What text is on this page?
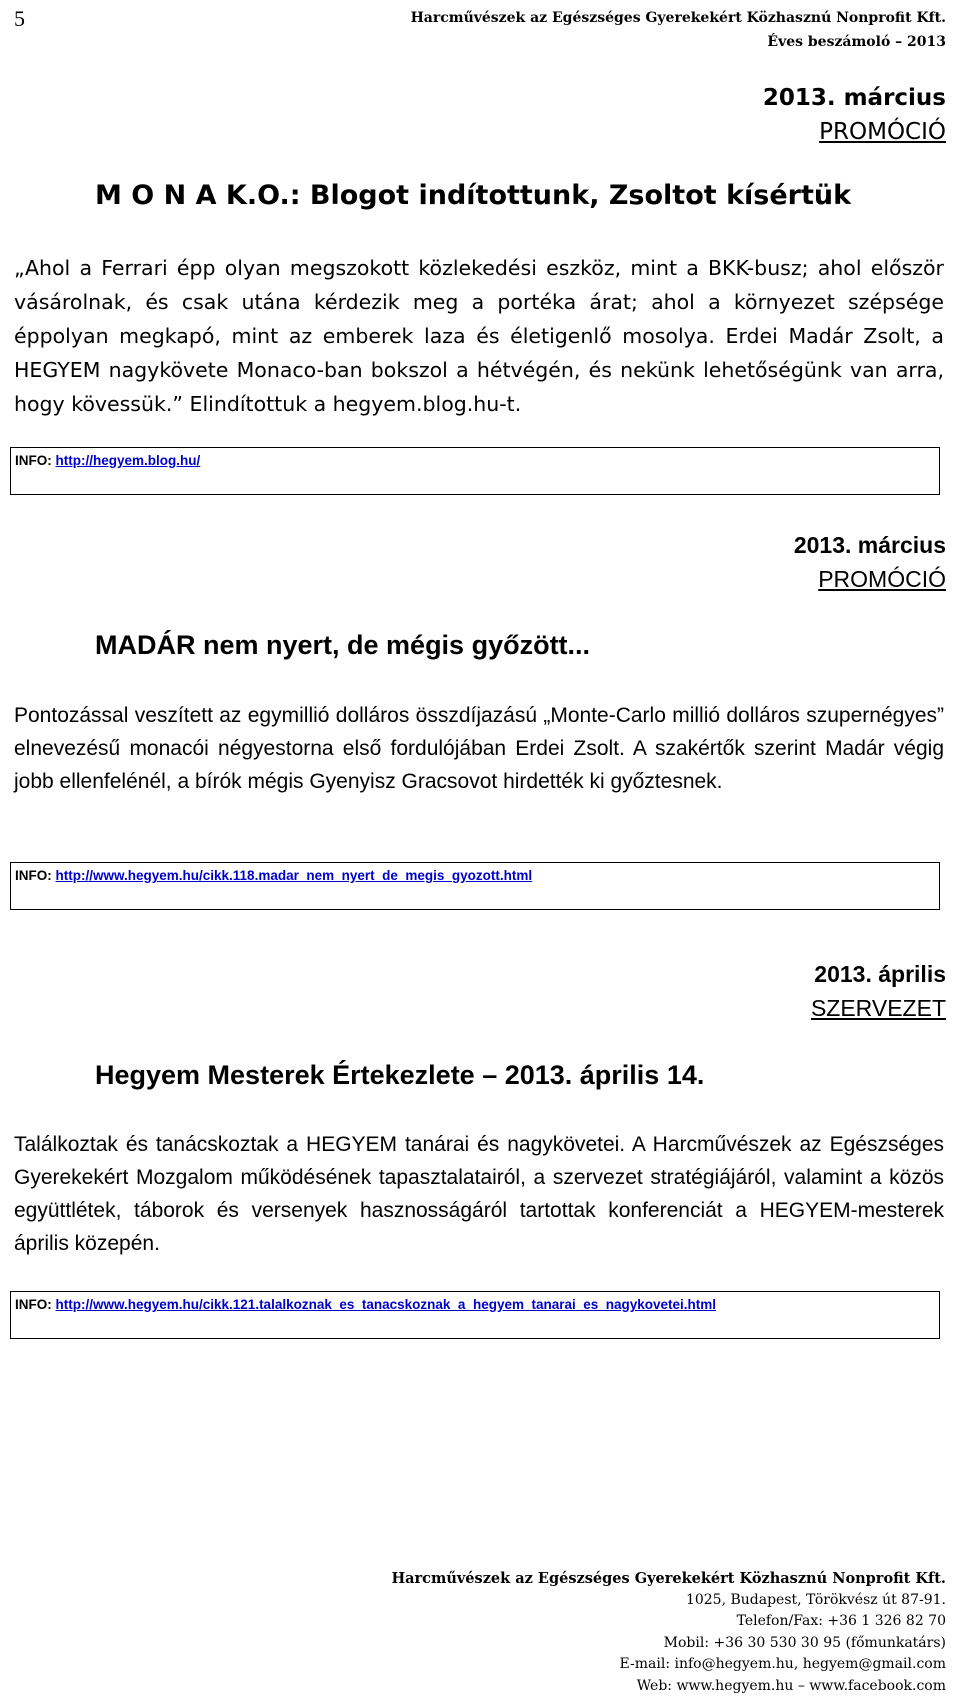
5	Harcművészek az Egészséges Gyerekekért Közhasznú Nonprofit Kft.
Éves beszámoló – 2013
2013. március
PROMÓCIÓ
M O N A K.O.: Blogot indítottunk, Zsoltot kísértük

„Ahol a Ferrari épp olyan megszokott közlekedési eszköz, mint a BKK-busz; ahol először vásárolnak, és csak utána kérdezik meg a portéka árat; ahol a környezet szépsége éppolyan megkapó, mint az emberek laza és életigenlő mosolya. Erdei Madár Zsolt, a HEGYEM nagykövete Monaco-ban bokszol a hétvégén, és nekünk lehetőségünk van arra, hogy kövessük.” Elindítottuk a hegyem.blog.hu-t.

INFO: http://hegyem.blog.hu/
2013. március
PROMÓCIÓ
MADÁR nem nyert, de mégis győzött...

Pontozással veszített az egymillió dolláros összdíjazású „Monte-Carlo millió dolláros szupernégyes” elnevezésű monacói négyestorna első fordulójában Erdei Zsolt. A szakértők szerint Madár végig jobb ellenfelénél, a bírók mégis Gyenyisz Gracsovot hirdették ki győztesnek.

INFO: http://www.hegyem.hu/cikk.118.madar_nem_nyert_de_megis_gyozott.html
2013. április
SZERVEZET
Hegyem Mesterek Értekezlete – 2013. április 14.

Találkoztak és tanácskoztak a HEGYEM tanárai és nagykövetei. A Harcművészek az Egészséges Gyerekekért Mozgalom működésének tapasztalatairól, a szervezet stratégiájáról, valamint a közös együttlétek, táborok és versenyek hasznosságáról tartottak konferenciát a HEGYEM-mesterek április közepén.

INFO: http://www.hegyem.hu/cikk.121.talalkoznak_es_tanacskoznak_a_hegyem_tanarai_es_nagykovetei.html
Harcművészek az Egészséges Gyerekekért Közhasznú Nonprofit Kft.
1025, Budapest, Törökvész út 87-91.
Telefon/Fax: +36 1 326 82 70
Mobil: +36 30 530 30 95 (főmunkatárs)
E-mail: info@hegyem.hu, hegyem@gmail.com
Web: www.hegyem.hu – www.facebook.com
